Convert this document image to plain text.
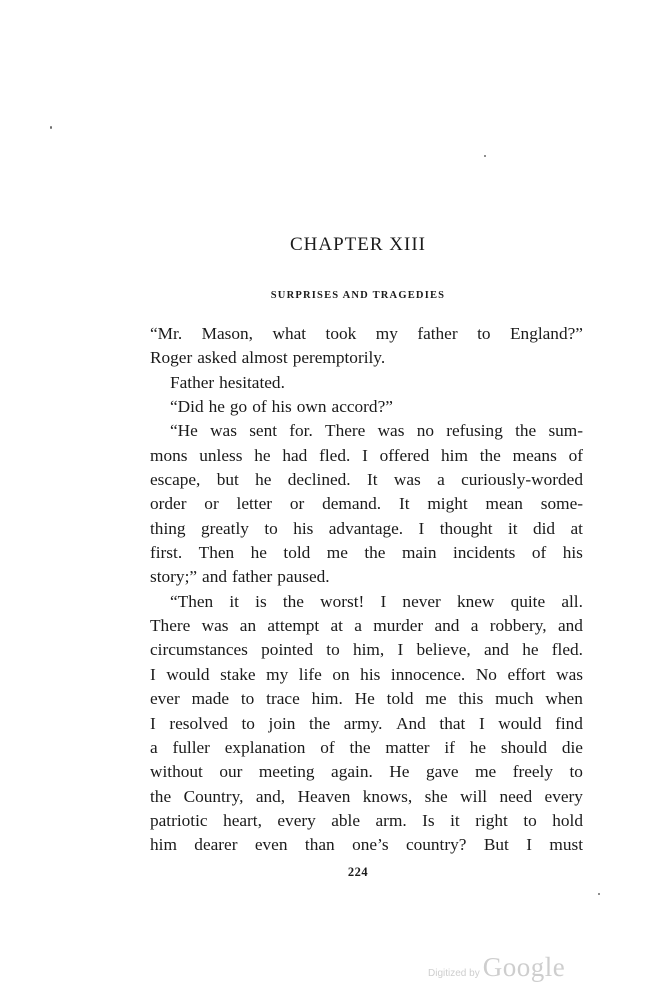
CHAPTER XIII
SURPRISES AND TRAGEDIES
“Mr. Mason, what took my father to England?”
Roger asked almost peremptorily.
Father hesitated.
“Did he go of his own accord?”
“He was sent for. There was no refusing the sum-
mons unless he had fled. I offered him the means of
escape, but he declined. It was a curiously-worded
order or letter or demand. It might mean some-
thing greatly to his advantage. I thought it did at
first. Then he told me the main incidents of his
story;” and father paused.
“Then it is the worst! I never knew quite all.
There was an attempt at a murder and a robbery, and
circumstances pointed to him, I believe, and he fled.
I would stake my life on his innocence. No effort was
ever made to trace him. He told me this much when
I resolved to join the army. And that I would find
a fuller explanation of the matter if he should die
without our meeting again. He gave me freely to
the Country, and, Heaven knows, she will need every
patriotic heart, every able arm. Is it right to hold
him dearer even than one’s country? But I must
224
Digitized by Google
